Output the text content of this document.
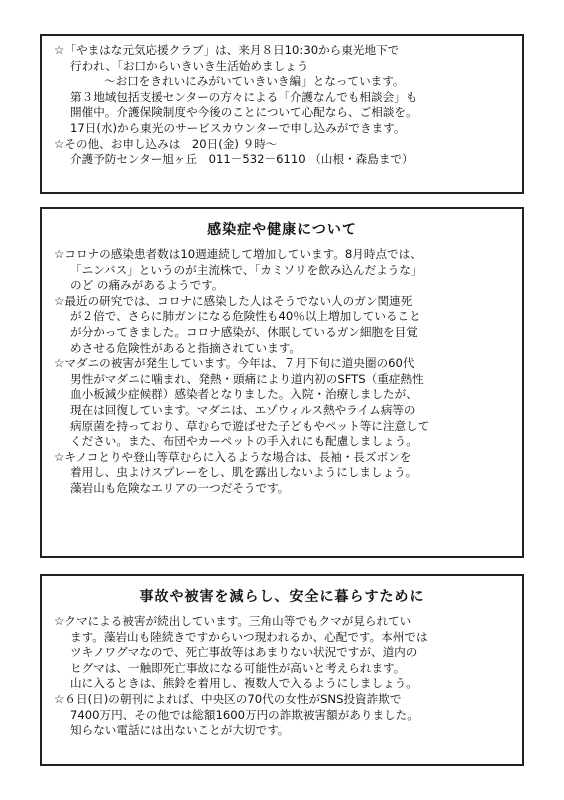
☆「やまはな元気応援クラブ」は、来月８日10:30から東光地下で
行われ、「お口からいきいき生活始めましょう
～お口をきれいにみがいていきいき編」となっています。
第３地域包括支援センターの方々による「介護なんでも相談会」も
開催中。介護保険制度や今後のことについて心配なら、ご相談を。
17日(水)から東光のサービスカウンターで申し込みができます。
☆その他、お申し込みは　20日(金) ９時～
介護予防センター旭ヶ丘　011－532－6110 （山根・森島まで）

感染症や健康について

☆コロナの感染患者数は10週連続して増加しています。8月時点では、
「ニンバス」というのが主流株で、「カミソリを飲み込んだような」
のど の痛みがあるようです。
☆最近の研究では、コロナに感染した人はそうでない人のガン関連死
が２倍で、さらに肺ガンになる危険性も40％以上増加していること
が分かってきました。コロナ感染が、休眠しているガン細胞を目覚
めさせる危険性があると指摘されています。
☆マダニの被害が発生しています。今年は、７月下旬に道央圏の60代
男性がマダニに噛まれ、発熱・頭痛により道内初のSFTS（重症熱性
血小板減少症候群）感染者となりました。入院・治療しましたが、
現在は回復しています。マダニは、エゾウィルス熱やライム病等の
病原菌を持っており、草むらで遊ばせた子どもやペット等に注意して
ください。また、布団やカーペットの手入れにも配慮しましょう。
☆キノコとりや登山等草むらに入るような場合は、長袖・長ズボンを
着用し、虫よけスプレーをし、肌を露出しないようにしましょう。
藻岩山も危険なエリアの一つだそうです。

事故や被害を減らし、安全に暮らすために

☆クマによる被害が続出しています。三角山等でもクマが見られてい
ます。藻岩山も陸続きですからいつ現われるか、心配です。本州では
ツキノワグマなので、死亡事故等はあまりない状況ですが、道内の
ヒグマは、一触即死亡事故になる可能性が高いと考えられます。
山に入るときは、熊鈴を着用し、複数人で入るようにしましょう。
☆６日(日)の朝刊によれば、中央区の70代の女性がSNS投資詐欺で
7400万円、その他では総額1600万円の詐欺被害額がありました。
知らない電話には出ないことが大切です。
